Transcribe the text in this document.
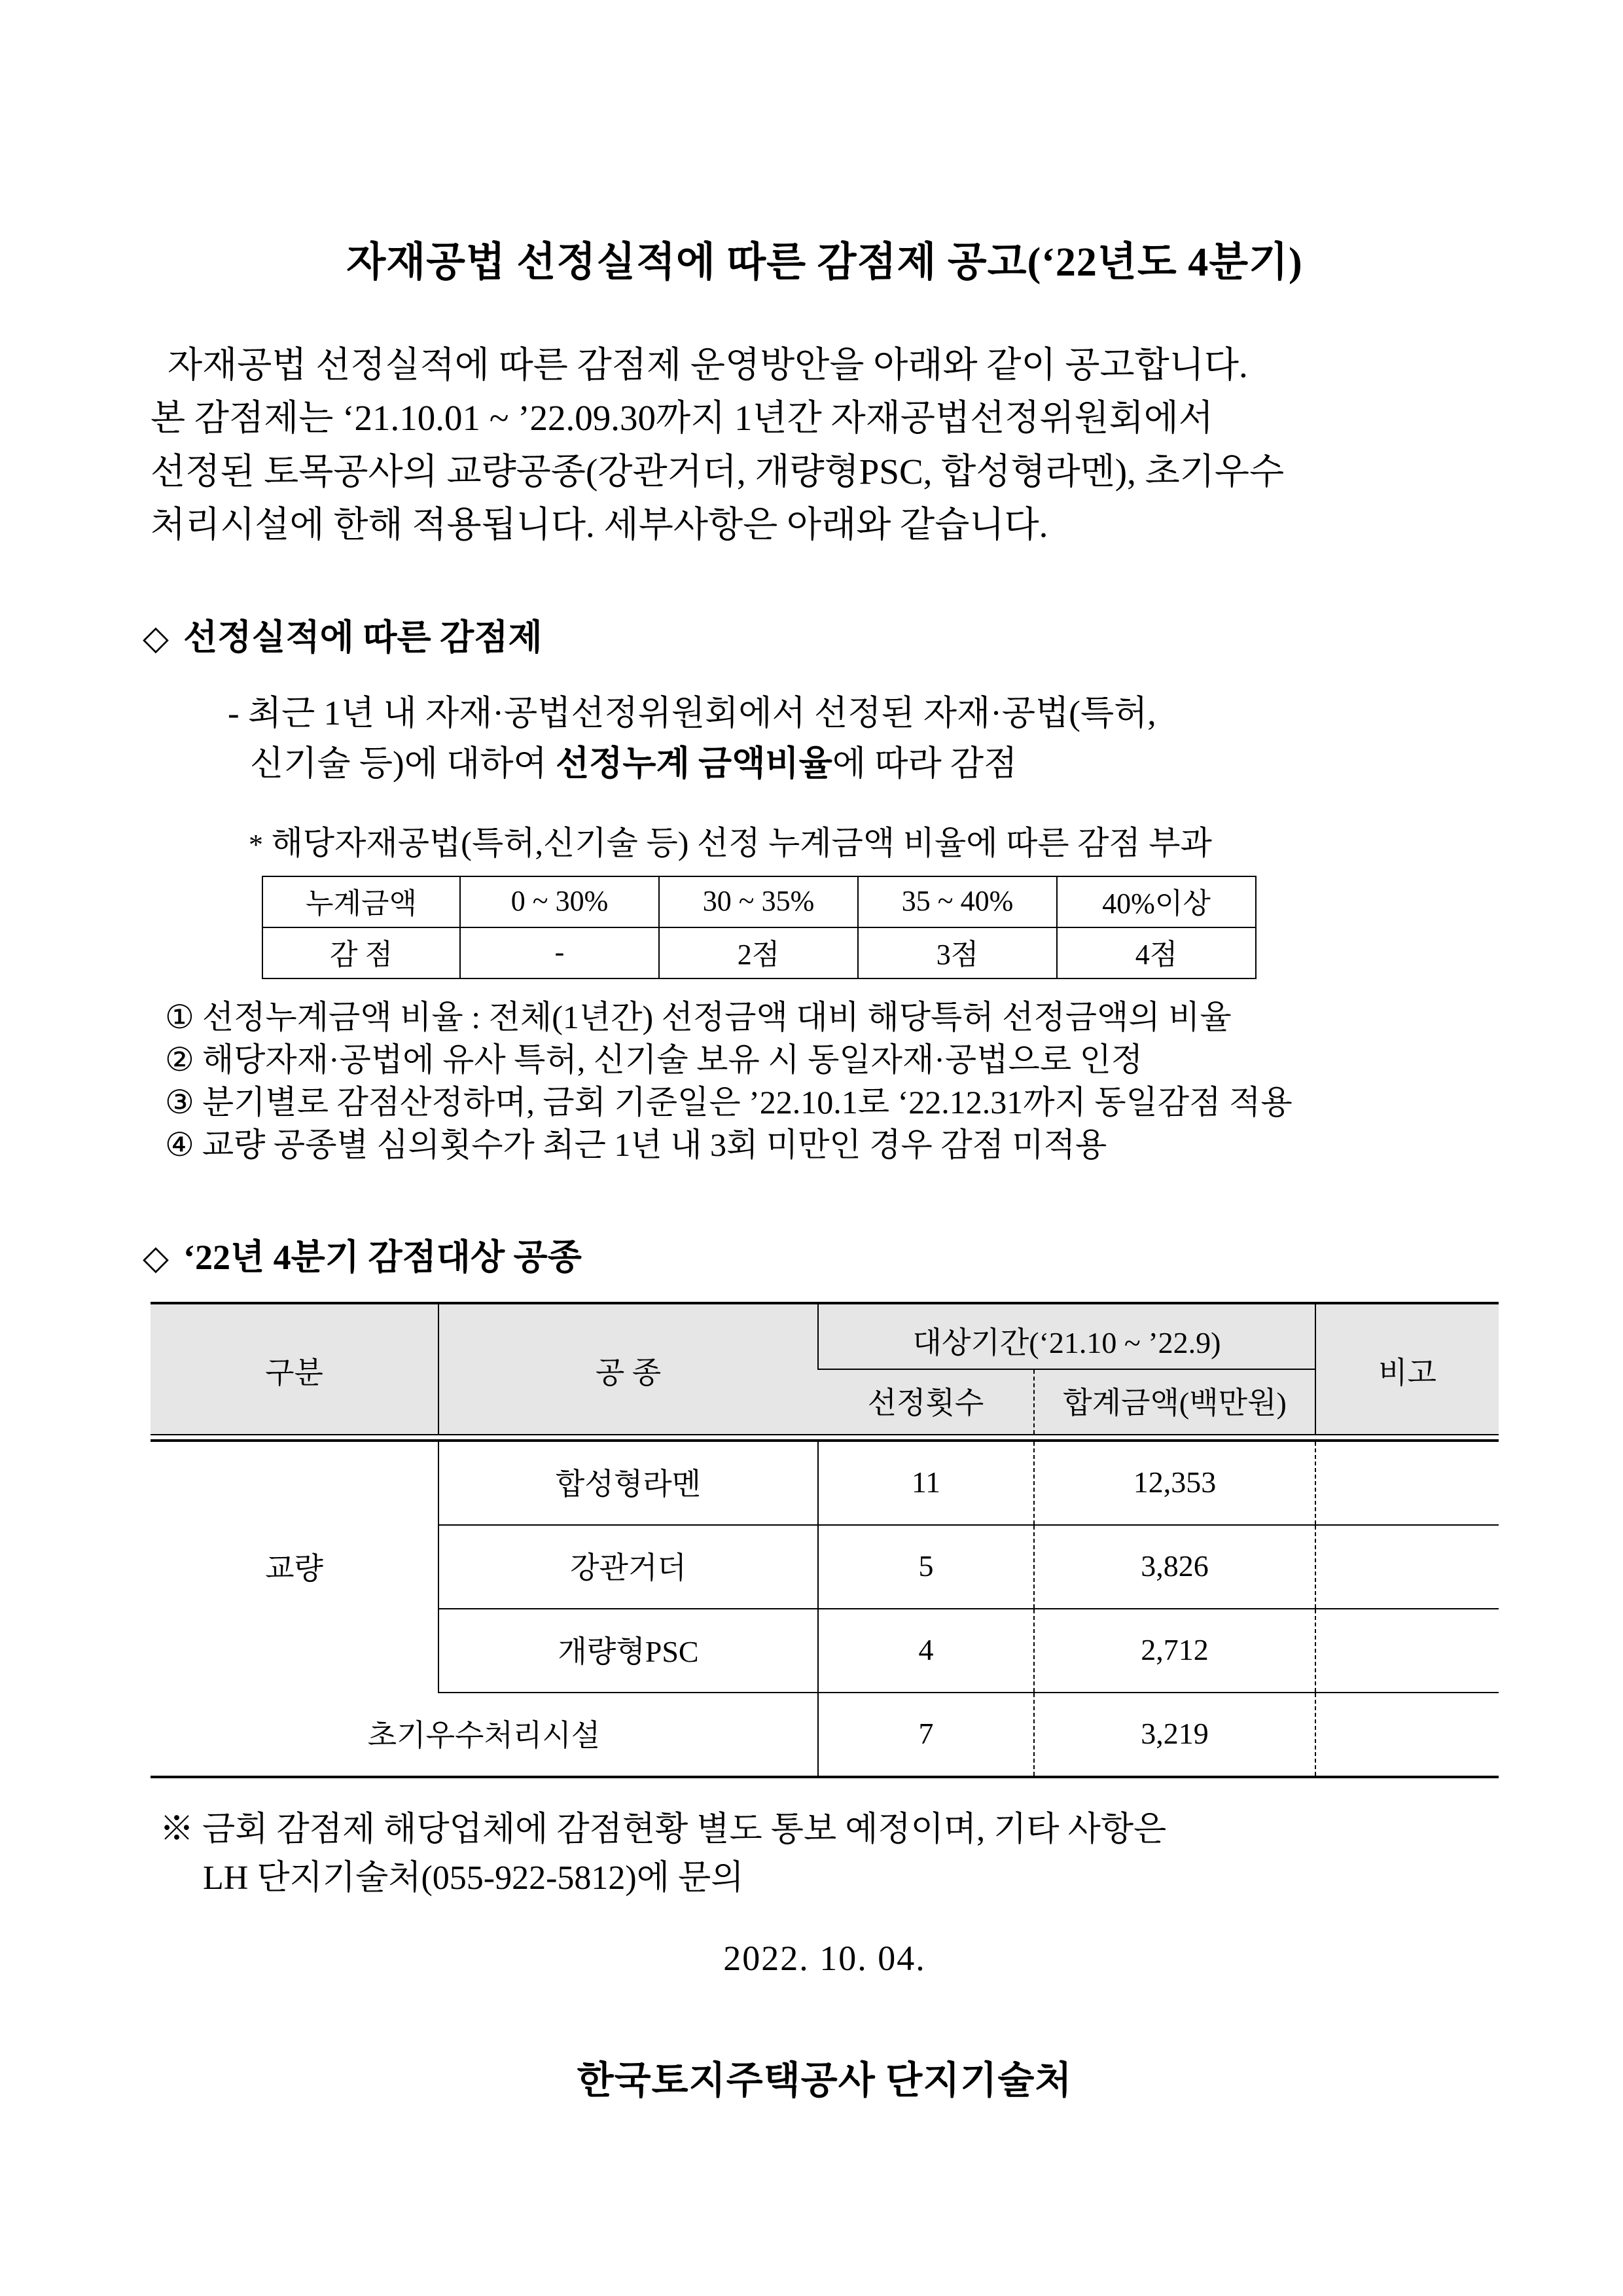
자재공법 선정실적에 따른 감점제 공고(‘22년도 4분기)
자재공법 선정실적에 따른 감점제 운영방안을 아래와 같이 공고합니다.
본 감점제는 ‘21.10.01 ~ ’22.09.30까지 1년간 자재공법선정위원회에서
선정된 토목공사의 교량공종(강관거더, 개량형PSC, 합성형라멘), 초기우수
처리시설에 한해 적용됩니다. 세부사항은 아래와 같습니다.
◇ 선정실적에 따른 감점제
- 최근 1년 내 자재·공법선정위원회에서 선정된 자재·공법(특허,
신기술 등)에 대하여 선정누계 금액비율에 따라 감점
* 해당자재공법(특허,신기술 등) 선정 누계금액 비율에 따른 감점 부과
누계금액	0 ~ 30%	30 ~ 35%	35 ~ 40%	40%이상
감 점	-	2점	3점	4점
① 선정누계금액 비율 : 전체(1년간) 선정금액 대비 해당특허 선정금액의 비율
② 해당자재·공법에 유사 특허, 신기술 보유 시 동일자재·공법으로 인정
③ 분기별로 감점산정하며, 금회 기준일은 ’22.10.1로 ‘22.12.31까지 동일감점 적용
④ 교량 공종별 심의횟수가 최근 1년 내 3회 미만인 경우 감점 미적용
◇ ‘22년 4분기 감점대상 공종
구분	공 종	대상기간(‘21.10 ~ ’22.9)		비고
		선정횟수	합계금액(백만원)	

교량	합성형라멘	11	12,353	
	강관거더	5	3,826	
	개량형PSC	4	2,712	
초기우수처리시설		7	3,219	
※ 금회 감점제 해당업체에 감점현황 별도 통보 예정이며, 기타 사항은
LH 단지기술처(055-922-5812)에 문의
2022. 10. 04.
한국토지주택공사 단지기술처
